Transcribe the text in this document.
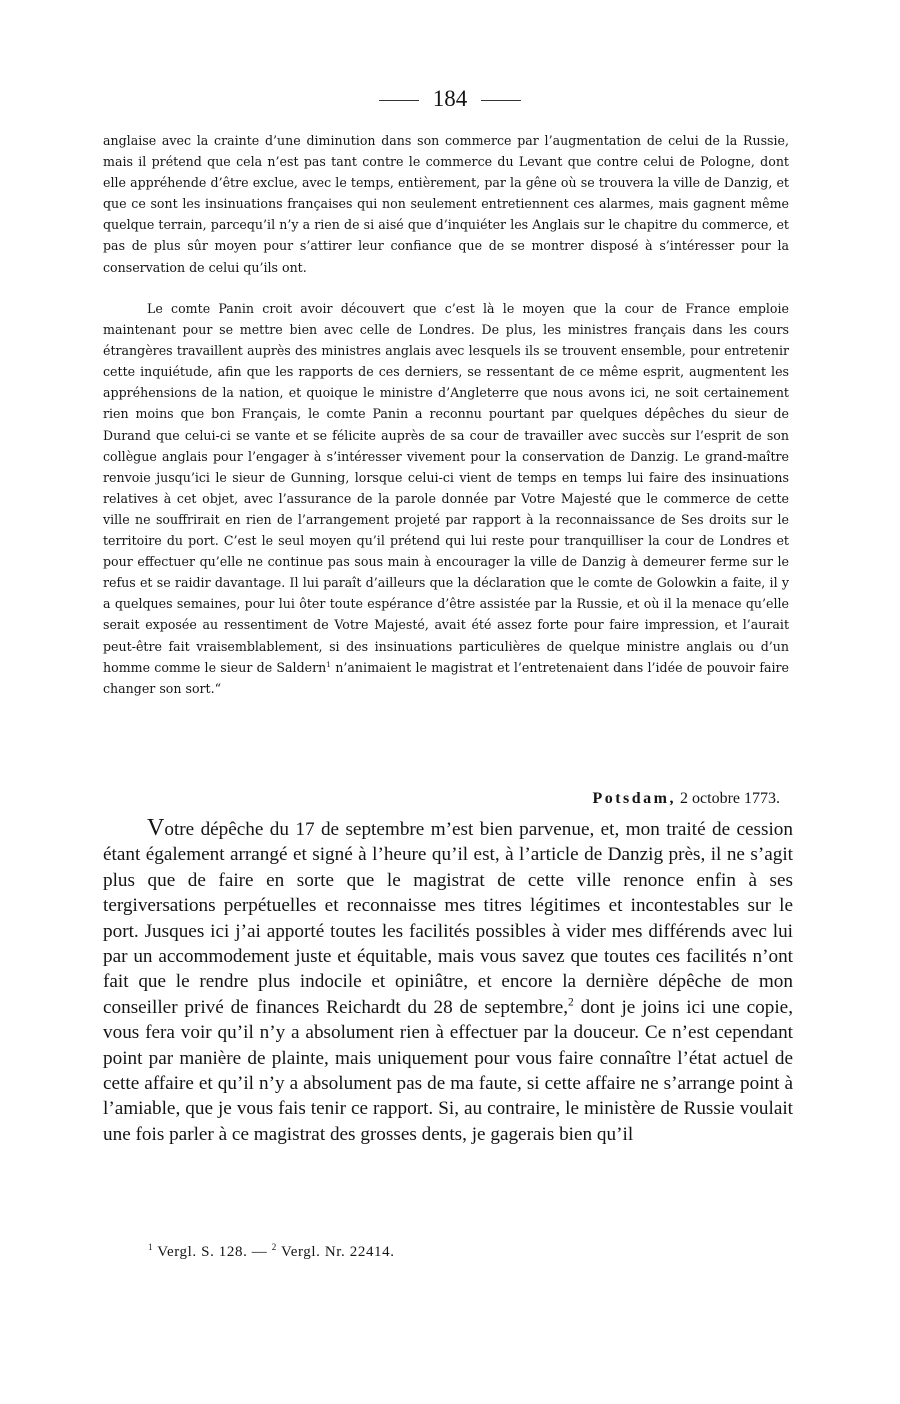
184

anglaise avec la crainte d’une diminution dans son commerce par l’augmentation de celui de la Russie, mais il prétend que cela n’est pas tant contre le commerce du Levant que contre celui de Pologne, dont elle appréhende d’être exclue, avec le temps, entièrement, par la gêne où se trouvera la ville de Danzig, et que ce sont les insinuations françaises qui non seulement entretiennent ces alarmes, mais gagnent même quelque terrain, parcequ’il n’y a rien de si aisé que d’inquiéter les Anglais sur le chapitre du commerce, et pas de plus sûr moyen pour s’attirer leur confiance que de se montrer disposé à s’intéresser pour la conservation de celui qu’ils ont.

Le comte Panin croit avoir découvert que c’est là le moyen que la cour de France emploie maintenant pour se mettre bien avec celle de Londres. De plus, les ministres français dans les cours étrangères travaillent auprès des ministres anglais avec lesquels ils se trouvent ensemble, pour entretenir cette inquiétude, afin que les rapports de ces derniers, se ressentant de ce même esprit, augmentent les appréhensions de la nation, et quoique le ministre d’Angleterre que nous avons ici, ne soit certainement rien moins que bon Français, le comte Panin a reconnu pourtant par quelques dépêches du sieur de Durand que celui-ci se vante et se félicite auprès de sa cour de travailler avec succès sur l’esprit de son collègue anglais pour l’engager à s’intéresser vivement pour la conservation de Danzig. Le grand-maître renvoie jusqu’ici le sieur de Gunning, lorsque celui-ci vient de temps en temps lui faire des insinuations relatives à cet objet, avec l’assurance de la parole donnée par Votre Majesté que le commerce de cette ville ne souffrirait en rien de l’arrangement projeté par rapport à la reconnaissance de Ses droits sur le territoire du port. C’est le seul moyen qu’il prétend qui lui reste pour tranquilliser la cour de Londres et pour effectuer qu’elle ne continue pas sous main à encourager la ville de Danzig à demeurer ferme sur le refus et se raidir davantage. Il lui paraît d’ailleurs que la déclaration que le comte de Golowkin a faite, il y a quelques semaines, pour lui ôter toute espérance d’être assistée par la Russie, et où il la menace qu’elle serait exposée au ressentiment de Votre Majesté, avait été assez forte pour faire impression, et l’aurait peut-être fait vraisemblablement, si des insinuations particulières de quelque ministre anglais ou d’un homme comme le sieur de Saldern$^1$ n’animaient le magistrat et l’entretenaient dans l’idée de pouvoir faire changer son sort.“

Potsdam, 2 octobre 1773.

Votre dépêche du 17 de septembre m’est bien parvenue, et, mon traité de cession étant également arrangé et signé à l’heure qu’il est, à l’article de Danzig près, il ne s’agit plus que de faire en sorte que le magistrat de cette ville renonce enfin à ses tergiversations perpétuelles et reconnaisse mes titres légitimes et incontestables sur le port. Jusques ici j’ai apporté toutes les facilités possibles à vider mes différends avec lui par un accommodement juste et équitable, mais vous savez que toutes ces facilités n’ont fait que le rendre plus indocile et opiniâtre, et encore la dernière dépêche de mon conseiller privé de finances Reichardt du 28 de septembre,$^2$ dont je joins ici une copie, vous fera voir qu’il n’y a absolument rien à effectuer par la douceur. Ce n’est cependant point par manière de plainte, mais uniquement pour vous faire connaître l’état actuel de cette affaire et qu’il n’y a absolument pas de ma faute, si cette affaire ne s’arrange point à l’amiable, que je vous fais tenir ce rapport. Si, au contraire, le ministère de Russie voulait une fois parler à ce magistrat des grosses dents, je gagerais bien qu’il

$^1$ Vergl. S. 128. — $^2$ Vergl. Nr. 22414.
